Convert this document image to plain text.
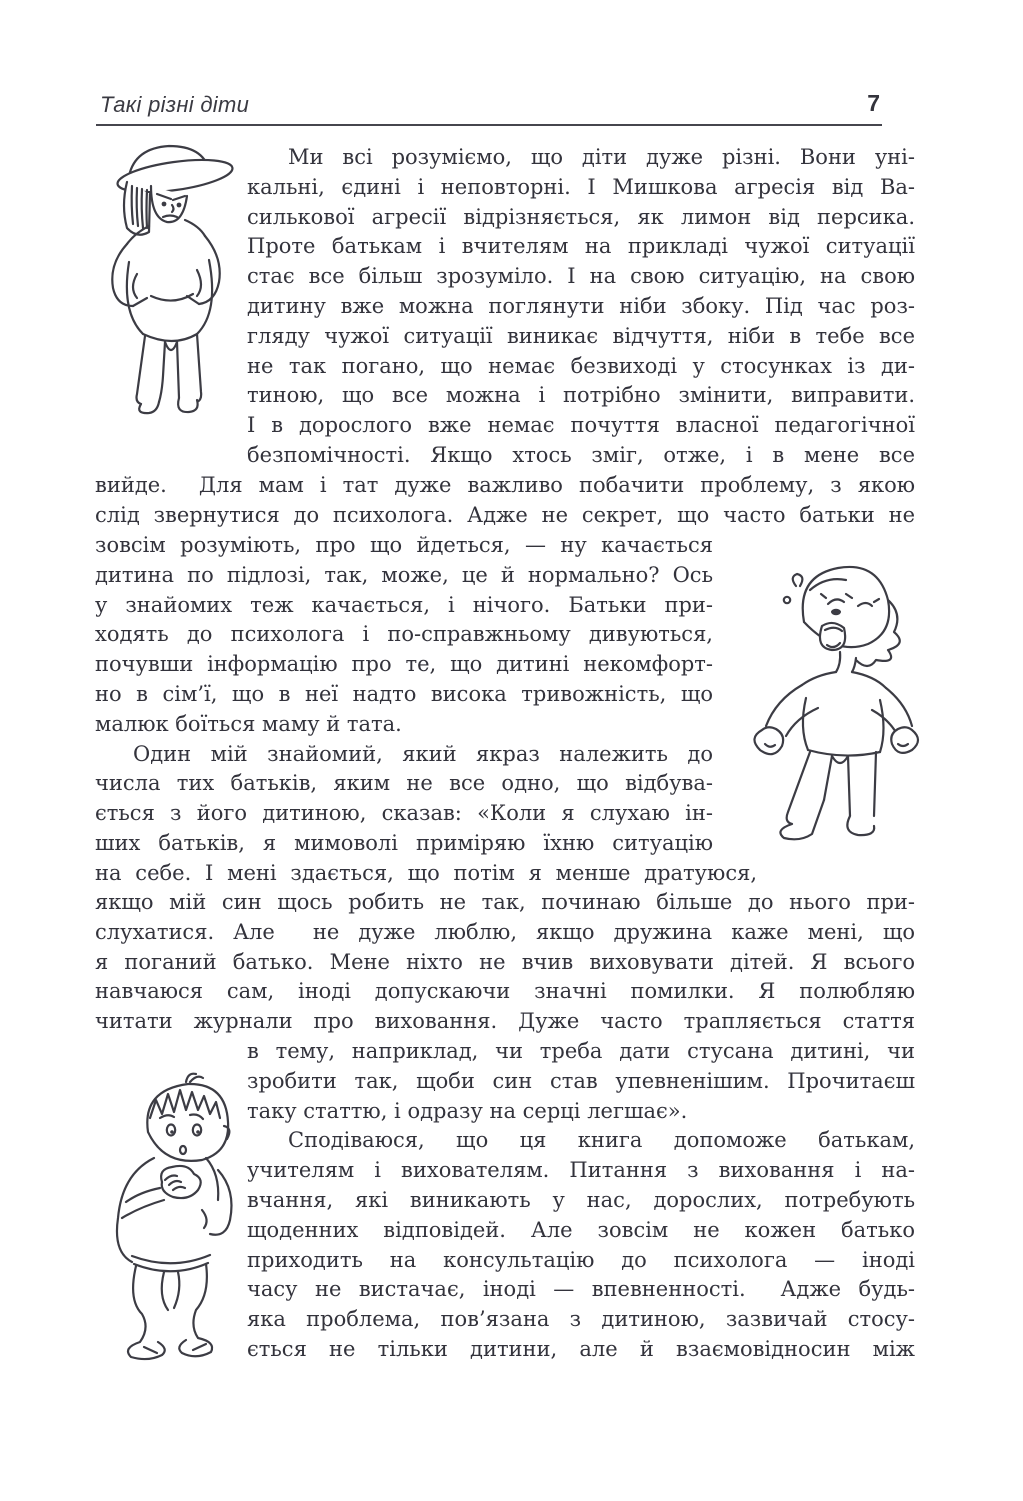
Такі різні діти	7
Ми всі розуміємо, що діти дуже різні. Вони уні-
кальні, єдині і неповторні. І Мишкова агресія від Ва-
силькової агресії відрізняється, як лимон від персика.
Проте батькам і вчителям на прикладі чужої ситуації
стає все більш зрозуміло. І на свою ситуацію, на свою
дитину вже можна поглянути ніби збоку. Під час роз-
гляду чужої ситуації виникає відчуття, ніби в тебе все
не так погано, що немає безвиході у стосунках із ди-
тиною, що все можна і потрібно змінити, виправити.
І в дорослого вже немає почуття власної педагогічної
безпомічності. Якщо хтось зміг, отже, і в мене все
вийде.  Для мам і тат дуже важливо побачити проблему, з якою
слід звернутися до психолога. Адже не секрет, що часто батьки не
зовсім розуміють, про що йдеться, — ну качається
дитина по підлозі, так, може, це й нормально? Ось
у знайомих теж качається, і нічого. Батьки при-
ходять до психолога і по-справжньому дивуються,
почувши інформацію про те, що дитині некомфорт-
но в сім’ї, що в неї надто висока тривожність, що
малюк боїться маму й тата.
Один мій знайомий, який якраз належить до
числа тих батьків, яким не все одно, що відбува-
ється з його дитиною, сказав: «Коли я слухаю ін-
ших батьків, я мимоволі приміряю їхню ситуацію
на себе. І мені здається, що потім я менше дратуюся,
якщо мій син щось робить не так, починаю більше до нього при-
слухатися. Але  не дуже люблю, якщо дружина каже мені, що
я поганий батько. Мене ніхто не вчив виховувати дітей. Я всього
навчаюся сам, іноді допускаючи значні помилки. Я полюбляю
читати журнали про виховання. Дуже часто трапляється стаття
в тему, наприклад, чи треба дати стусана дитині, чи
зробити так, щоби син став упевненішим. Прочитаєш
таку статтю, і одразу на серці легшає».
Сподіваюся, що ця книга допоможе батькам,
учителям і вихователям. Питання з виховання і на-
вчання, які виникають у нас, дорослих, потребують
щоденних відповідей. Але зовсім не кожен батько
приходить на консультацію до психолога — іноді
часу не вистачає, іноді — впевненності.  Адже будь-
яка проблема, пов’язана з дитиною, зазвичай стосу-
ється не тільки дитини, але й взаємовідносин між
